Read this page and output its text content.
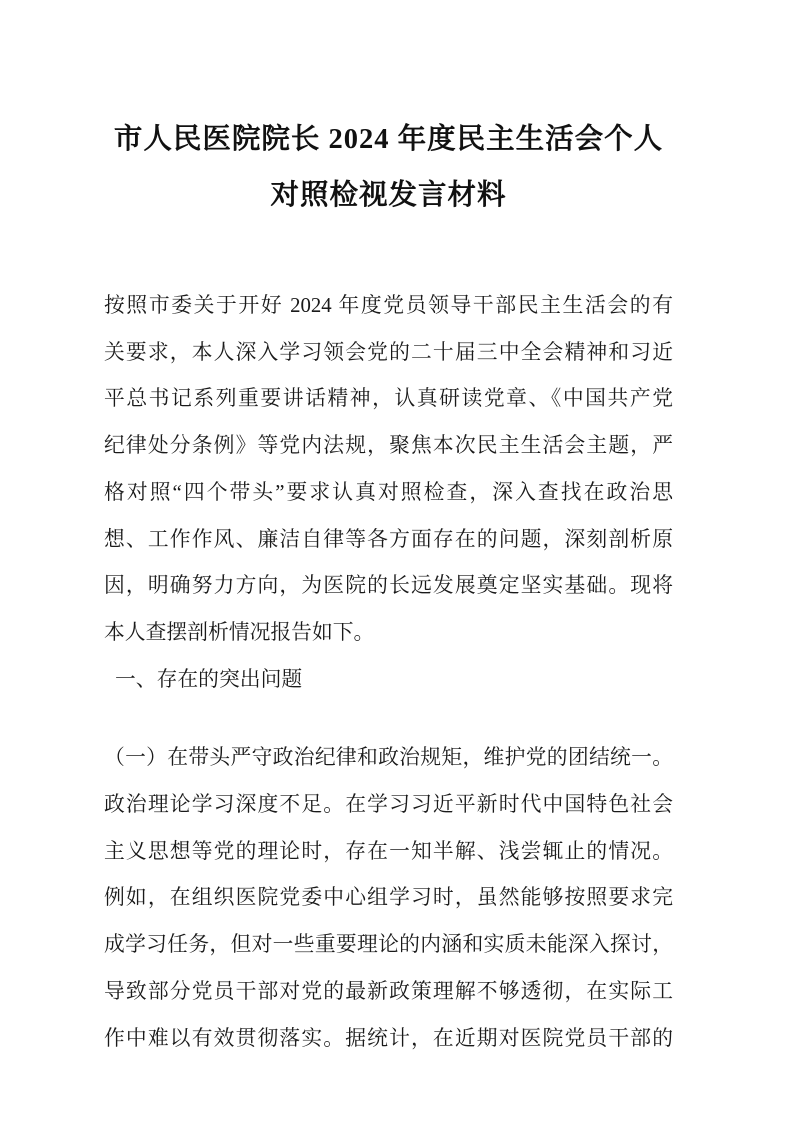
市人民医院院长 2024 年度民主生活会个人
对照检视发言材料
按照市委关于开好 2024 年度党员领导干部民主生活会的有
关要求，本人深入学习领会党的二十届三中全会精神和习近
平总书记系列重要讲话精神，认真研读党章、《中国共产党
纪律处分条例》等党内法规，聚焦本次民主生活会主题，严
格对照“四个带头”要求认真对照检查，深入查找在政治思
想、工作作风、廉洁自律等各方面存在的问题，深刻剖析原
因，明确努力方向，为医院的长远发展奠定坚实基础。现将
本人查摆剖析情况报告如下。
一、存在的突出问题
（一）在带头严守政治纪律和政治规矩，维护党的团结统一。
政治理论学习深度不足。在学习习近平新时代中国特色社会
主义思想等党的理论时，存在一知半解、浅尝辄止的情况。
例如，在组织医院党委中心组学习时，虽然能够按照要求完
成学习任务，但对一些重要理论的内涵和实质未能深入探讨，
导致部分党员干部对党的最新政策理解不够透彻，在实际工
作中难以有效贯彻落实。据统计，在近期对医院党员干部的
